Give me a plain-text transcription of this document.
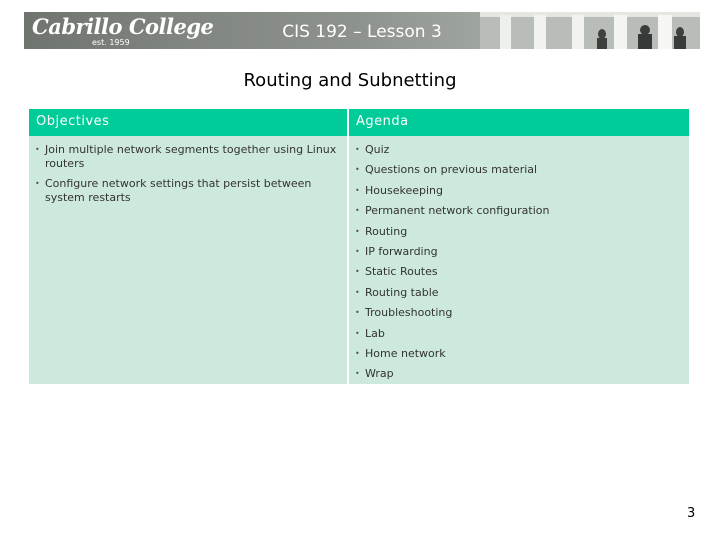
Cabrillo College
est. 1959
CIS 192 – Lesson 3
Routing and Subnetting
Objectives
• Join multiple network segments together using Linux routers
• Configure network settings that persist between system restarts
Agenda
• Quiz
• Questions on previous material
• Housekeeping
• Permanent network configuration
• Routing
• IP forwarding
• Static Routes
• Routing table
• Troubleshooting
• Lab
• Home network
• Wrap
3
